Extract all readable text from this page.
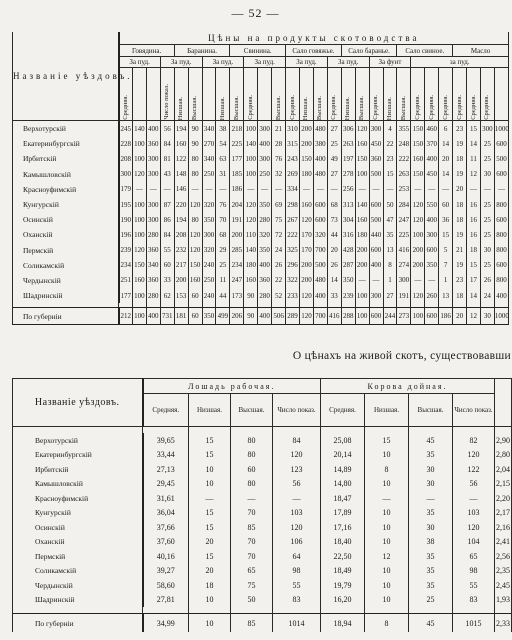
— 52 —
Названіе уѣздовъ.	Цѣны на продукты скотоводства																											
	Говядина.				Баранина.				Свинина.				Сало говяжье.				Сало баранье.				Сало свиное.				Масло			
	За пуд.			За пуд.			За пуд.			За пуд.			За пуд.			За пуд.			За фунт			за пуд.						

	Средняя.			Число показ.	Низшая.	Высшая.		Низшая.	Высшая.	Средняя.		Высшая.	Средняя.	Низшая.	Высшая.	Средняя.	Низшая.	Высшая.	Средняя.	Низшая.	Высшая.	Средняя.	Средняя.	Средняя.	Средняя.	Средняя.	Средняя.	

Верхотурскій	245	140	400	56	194	90	340	38	218	100	300	21	310	200	480	27	306	120	300	4	355	150	460	6	23	15	300	1000
Екатеринбургскій	228	100	360	84	160	90	270	54	225	140	400	28	315	200	380	25	263	160	450	22	248	150	370	14	19	14	25	600
Ирбитскій	208	100	300	81	122	80	340	63	177	100	300	76	243	150	400	49	197	150	360	23	222	160	400	20	18	11	25	500
Камышловскій	300	120	300	43	148	80	250	31	185	100	250	32	269	180	480	27	278	100	500	15	263	150	450	14	19	12	30	600
Красноуфимскій	179	—	—	—	146	—	—	—	186	—	—	—	334	—	—	—	256	—	—	—	253	—	—	—	20	—	—	—
Кунгурскій	195	100	300	87	220	120	320	76	204	120	350	69	298	160	600	68	313	140	600	50	284	120	550	60	18	16	25	800
Осинскій	190	100	300	86	194	80	350	70	191	120	280	75	267	120	600	73	304	160	500	47	247	120	400	36	18	16	25	600
Оханскій	196	100	280	84	208	120	300	68	200	110	320	72	222	170	320	44	316	180	440	35	225	100	300	15	19	16	25	800
Пермскій	239	120	360	55	232	120	320	29	285	140	350	24	325	170	700	20	428	200	600	13	416	200	600	5	21	18	30	800
Соликамскій	234	150	340	60	217	150	240	25	234	180	400	26	296	200	500	26	287	200	400	8	274	200	350	7	19	15	25	600
Чердынскій	251	160	360	33	200	160	250	11	247	160	360	22	322	200	480	14	350	—	—	1	300	—	—	1	23	17	26	800
Шадринскій	177	100	280	62	153	60	240	44	173	90	280	52	233	120	400	33	239	100	300	27	191	120	260	13	18	14	24	400

По губерніи	212	100	400	731	181	60	350	499	206	90	400	506	289	120	700	416	288	100	600	244	273	100	600	186	20	12	30	1000
О цѣнахъ на живой скотъ, существовавши
Названіе уѣздовъ.	Лошадь рабочая.				Корова дойная.				
	Средняя.	Низшая.	Высшая.	Число показ.	Средняя.	Низшая.	Высшая.	Число показ.	

Верхотурскій	39,65	15	80	84	25,08	15	45	82	2,90
Екатеринбургскій	33,44	15	80	120	20,14	10	35	120	2,80
Ирбитскій	27,13	10	60	123	14,89	8	30	122	2,04
Камышловскій	29,45	10	80	56	14,80	10	30	56	2,15
Красноуфимскій	31,61	—	—	—	18,47	—	—	—	2,20
Кунгурскій	36,04	15	70	103	17,89	10	35	103	2,17
Осинскій	37,66	15	85	120	17,16	10	30	120	2,16
Оханскій	37,60	20	70	106	18,40	10	38	104	2,41
Пермскій	40,16	15	70	64	22,50	12	35	65	2,56
Соликамскій	39,27	20	65	98	18,49	10	35	98	2,35
Чердынскій	58,60	18	75	55	19,79	10	35	55	2,45
Шадринскій	27,81	10	50	83	16,20	10	25	83	1,93

По губерніи	34,99	10	85	1014	18,94	8	45	1015	2,33
